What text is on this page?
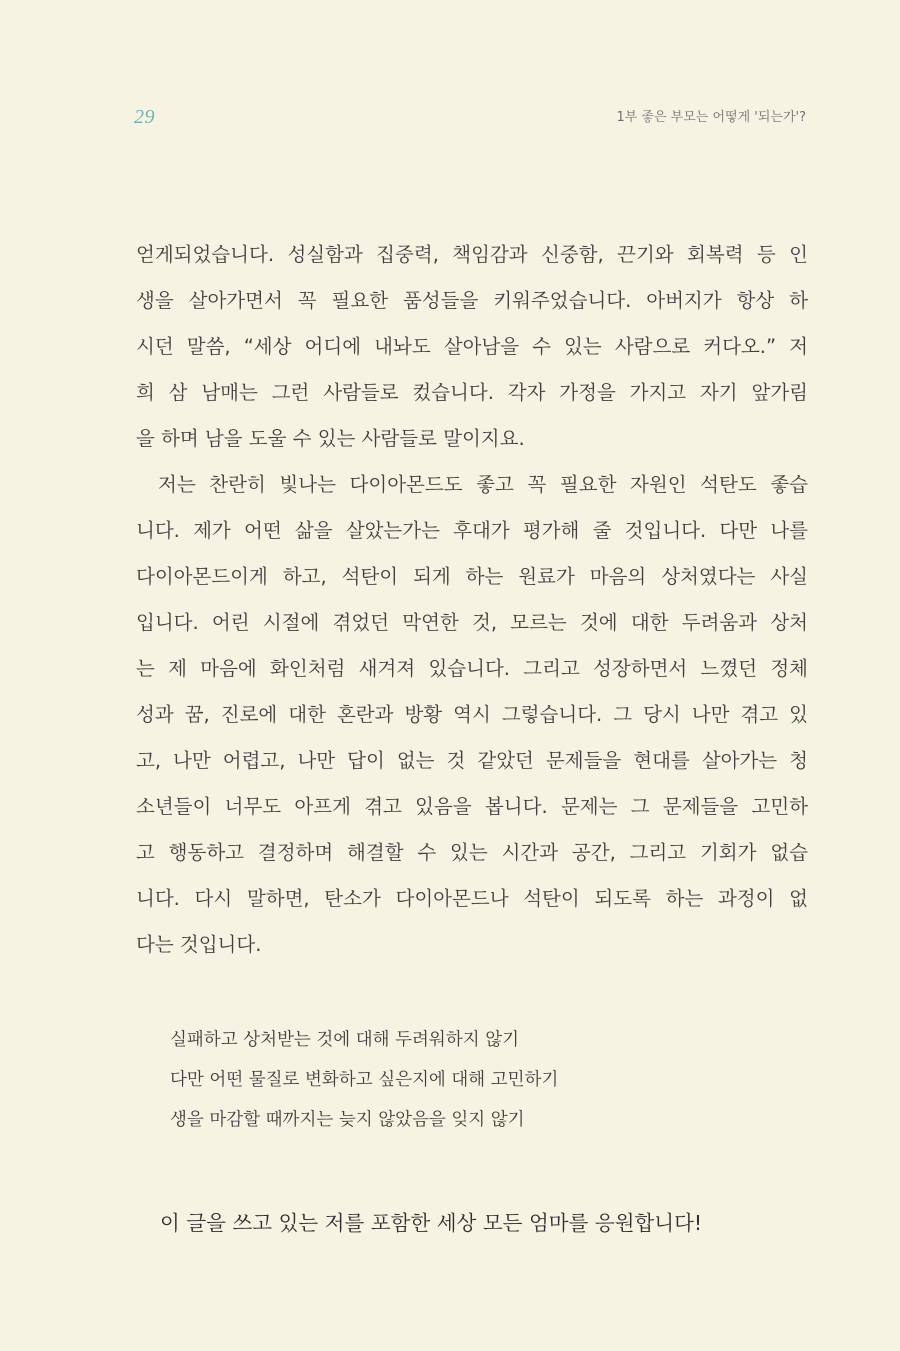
29	1부 좋은 부모는 어떻게 '되는가'?
얻게되었습니다. 성실함과 집중력, 책임감과 신중함, 끈기와 회복력 등 인
생을 살아가면서 꼭 필요한 품성들을 키워주었습니다. 아버지가 항상 하
시던 말씀, “세상 어디에 내놔도 살아남을 수 있는 사람으로 커다오.” 저
희 삼 남매는 그런 사람들로 컸습니다. 각자 가정을 가지고 자기 앞가림
을 하며 남을 도울 수 있는 사람들로 말이지요.
저는 찬란히 빛나는 다이아몬드도 좋고 꼭 필요한 자원인 석탄도 좋습
니다. 제가 어떤 삶을 살았는가는 후대가 평가해 줄 것입니다. 다만 나를
다이아몬드이게 하고, 석탄이 되게 하는 원료가 마음의 상처였다는 사실
입니다. 어린 시절에 겪었던 막연한 것, 모르는 것에 대한 두려움과 상처
는 제 마음에 화인처럼 새겨져 있습니다. 그리고 성장하면서 느꼈던 정체
성과 꿈, 진로에 대한 혼란과 방황 역시 그렇습니다. 그 당시 나만 겪고 있
고, 나만 어렵고, 나만 답이 없는 것 같았던 문제들을 현대를 살아가는 청
소년들이 너무도 아프게 겪고 있음을 봅니다. 문제는 그 문제들을 고민하
고 행동하고 결정하며 해결할 수 있는 시간과 공간, 그리고 기회가 없습
니다. 다시 말하면, 탄소가 다이아몬드나 석탄이 되도록 하는 과정이 없
다는 것입니다.
실패하고 상처받는 것에 대해 두려워하지 않기
다만 어떤 물질로 변화하고 싶은지에 대해 고민하기
생을 마감할 때까지는 늦지 않았음을 잊지 않기
이 글을 쓰고 있는 저를 포함한 세상 모든 엄마를 응원합니다!
